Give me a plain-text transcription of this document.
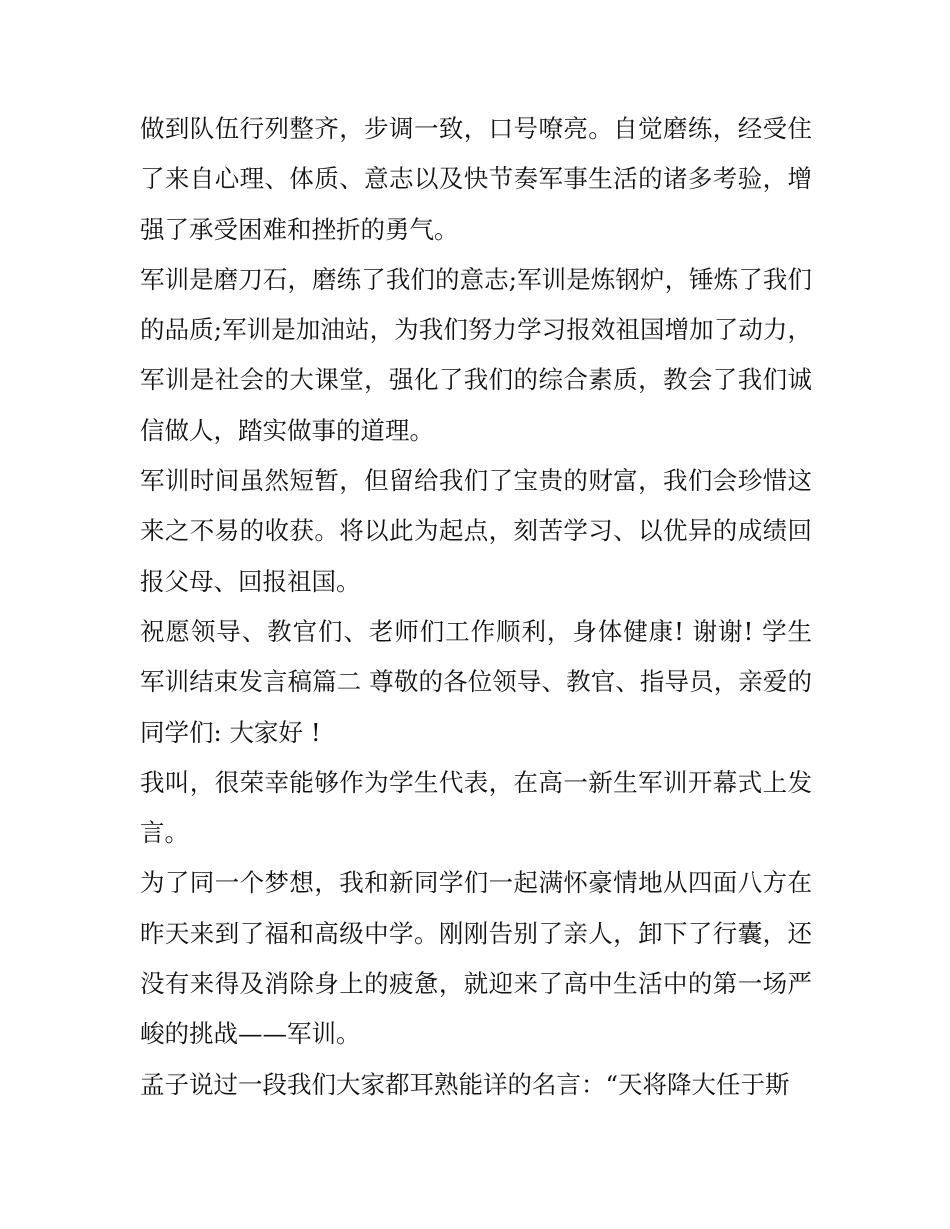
做到队伍行列整齐，步调一致，口号嘹亮。自觉磨练，经受住了来自心理、体质、意志以及快节奏军事生活的诸多考验，增强了承受困难和挫折的勇气。

军训是磨刀石，磨练了我们的意志;军训是炼钢炉，锤炼了我们的品质;军训是加油站，为我们努力学习报效祖国增加了动力，军训是社会的大课堂，强化了我们的综合素质，教会了我们诚信做人，踏实做事的道理。

军训时间虽然短暂，但留给我们了宝贵的财富，我们会珍惜这来之不易的收获。将以此为起点，刻苦学习、以优异的成绩回报父母、回报祖国。

祝愿领导、教官们、老师们工作顺利，身体健康! 谢谢! 学生军训结束发言稿篇二 尊敬的各位领导、教官、指导员，亲爱的同学们: 大家好 !

我叫，很荣幸能够作为学生代表，在高一新生军训开幕式上发言。

为了同一个梦想，我和新同学们一起满怀豪情地从四面八方在昨天来到了福和高级中学。刚刚告别了亲人，卸下了行囊，还没有来得及消除身上的疲惫，就迎来了高中生活中的第一场严峻的挑战——军训。

孟子说过一段我们大家都耳熟能详的名言：“天将降大任于斯
